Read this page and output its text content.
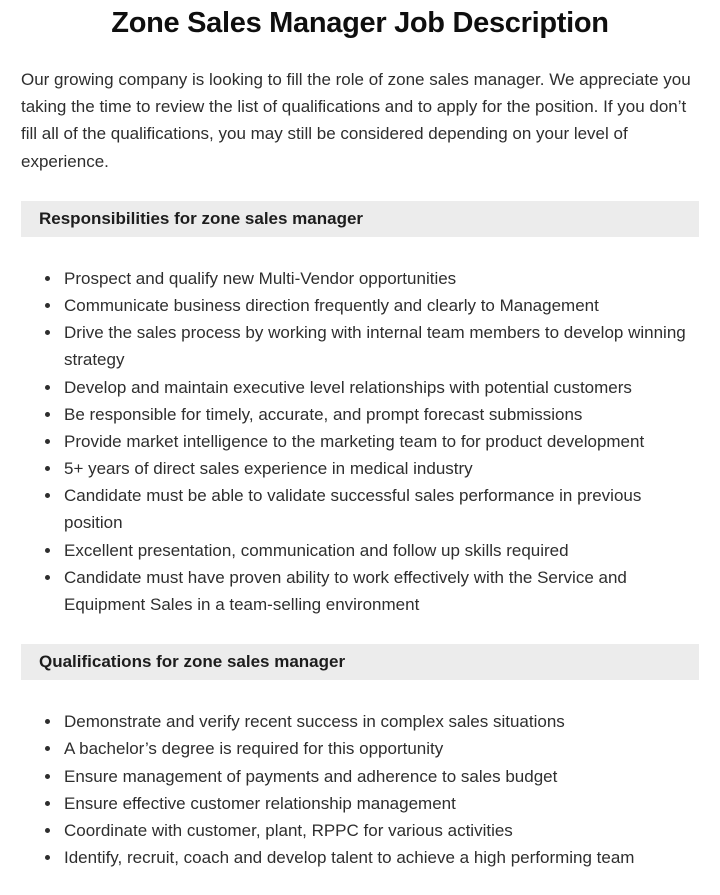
Zone Sales Manager Job Description

Our growing company is looking to fill the role of zone sales manager. We appreciate you taking the time to review the list of qualifications and to apply for the position. If you don’t fill all of the qualifications, you may still be considered depending on your level of experience.

Responsibilities for zone sales manager
• Prospect and qualify new Multi-Vendor opportunities
• Communicate business direction frequently and clearly to Management
• Drive the sales process by working with internal team members to develop winning strategy
• Develop and maintain executive level relationships with potential customers
• Be responsible for timely, accurate, and prompt forecast submissions
• Provide market intelligence to the marketing team to for product development
• 5+ years of direct sales experience in medical industry
• Candidate must be able to validate successful sales performance in previous position
• Excellent presentation, communication and follow up skills required
• Candidate must have proven ability to work effectively with the Service and Equipment Sales in a team-selling environment
Qualifications for zone sales manager
• Demonstrate and verify recent success in complex sales situations
• A bachelor’s degree is required for this opportunity
• Ensure management of payments and adherence to sales budget
• Ensure effective customer relationship management
• Coordinate with customer, plant, RPPC for various activities
• Identify, recruit, coach and develop talent to achieve a high performing team
